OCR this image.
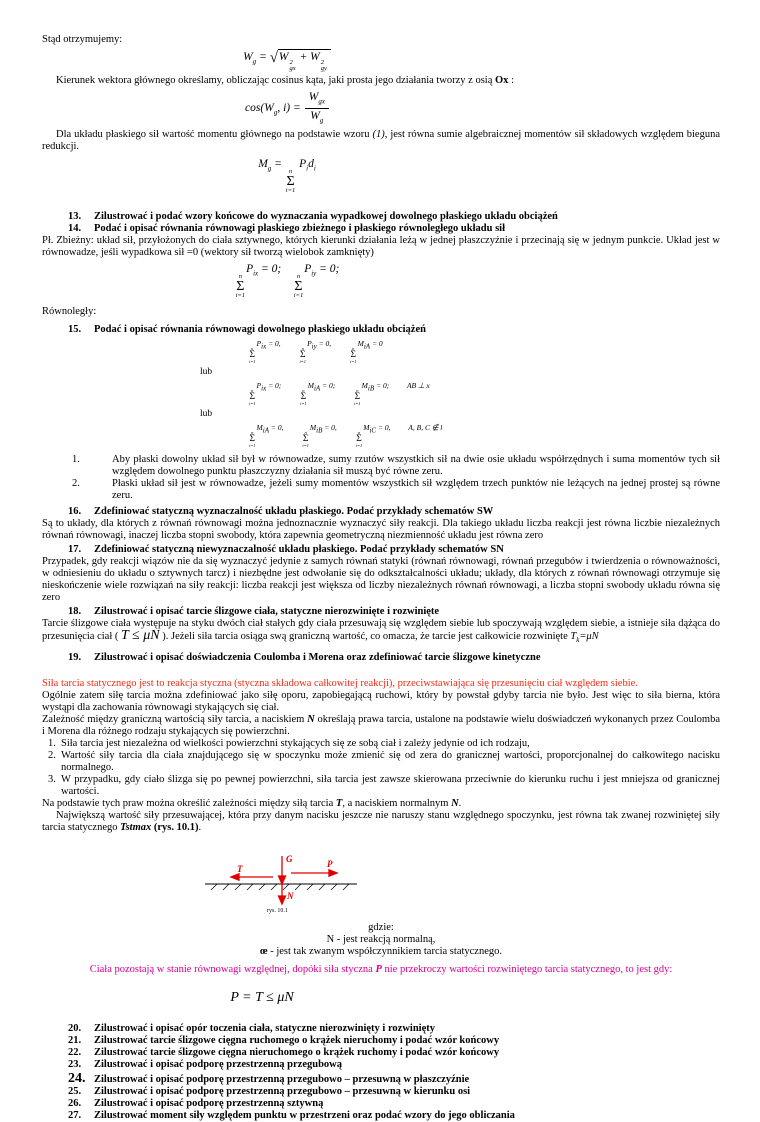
Stąd otrzymujemy:

$W_g = √W$ 2
gx
+ W 2
gy

Kierunek wektora głównego określamy, obliczając cosinus kąta, jaki prosta jego działania tworzy z osią Ox :

$\cos(W_g$, $i) = \frac{W_{gx}}{W_g}$

Dla układu płaskiego sił wartość momentu głównego na podstawie wzoru (1), jest równa sumie algebraicznej momentów sił składowych względem bieguna redukcji.

$M_g$ =
n
Σ
i=1
$P_id_i$
13.	Zilustrować i podać wzory końcowe do wyznaczania wypadkowej dowolnego płaskiego układu obciążeń
14.	Podać i opisać równania równowagi płaskiego zbieżnego i płaskiego równoległego układu sił

Pł. Zbieżny: układ sił, przyłożonych do ciała sztywnego, których kierunki działania leżą w jednej płaszczyźnie i przecinają się w jednym punkcie. Układ jest w równowadze, jeśli wypadkowa sił =0 (wektory sił tworzą wielobok zamknięty)

n
Σ
i=1
$P_{ix} = 0$;
n
Σ
i=1
$P_{iy} = 0$;

Równoległy:

15.	Podać i opisać równania równowagi dowolnego płaskiego układu obciążeń
n
Σ
i=1
$P_{ix} = 0$,
n
Σ
i=1
$P_{iy} = 0$,
n
Σ
i=1
$M_{iA} = 0$
lub
n
Σ
i=1
$P_{ix} = 0$;
n
Σ
i=1
$M_{iA} = 0$;
n
Σ
i=1
$M_{iB} = 0$; AB ⊥ x
lub
n
Σ
i=1
$M_{iA} = 0$,
n
Σ
i=1
$M_{iB} = 0$,
n
Σ
i=1
$M_{iC} = 0$, A, B, C ∉ l
1.	Aby płaski dowolny układ sił był w równowadze, sumy rzutów wszystkich sił na dwie osie układu współrzędnych i suma momentów tych sił względem dowolnego punktu płaszczyzny działania sił muszą być równe zeru.
2.	Płaski układ sił jest w równowadze, jeżeli sumy momentów wszystkich sił względem trzech punktów nie leżących na jednej prostej są równe zeru.
16.	Zdefiniować statyczną wyznaczalność układu płaskiego. Podać przykłady schematów SW

Są to układy, dla których z równań równowagi można jednoznacznie wyznaczyć siły reakcji. Dla takiego układu liczba reakcji jest równa liczbie niezależnych równań równowagi, inaczej liczba stopni swobody, która zapewnia geometryczną niezmienność układu jest równa zero

17.	Zdefiniować statyczną niewyznaczalność układu płaskiego. Podać przykłady schematów SN

Przypadek, gdy reakcji wiązów nie da się wyznaczyć jedynie z samych równań statyki (równań równowagi, równań przegubów i twierdzenia o równoważności, w odniesieniu do układu o sztywnych tarcz) i niezbędne jest odwołanie się do odkształcalności układu; układy, dla których z równań równowagi otrzymuje się nieskończenie wiele rozwiązań na siły reakcji: liczba reakcji jest większa od liczby niezależnych równań równowagi, a liczba stopni swobody układu równa się zero

18.	Zilustrować i opisać tarcie ślizgowe ciała, statyczne nierozwinięte i rozwinięte

Tarcie ślizgowe ciała występuje na styku dwóch ciał stałych gdy ciała przesuwają się względem siebie lub spoczywają względem siebie, a istnieje siła dążąca do przesunięcia ciał ( T ≤ μN ). Jeżeli siła tarcia osiąga swą graniczną wartość, co omacza, że tarcie jest całkowicie rozwinięte $T_k=\mu N$

19.	Zilustrować i opisać doświadczenia Coulomba i Morena oraz zdefiniować tarcie ślizgowe kinetyczne

Siła tarcia statycznego jest to reakcja styczna (styczna składowa całkowitej reakcji), przeciwstawiająca się przesunięciu ciał względem siebie.

Ogólnie zatem siłę tarcia można zdefiniować jako siłę oporu, zapobiegającą ruchowi, który by powstał gdyby tarcia nie było. Jest więc to siła bierna, która wystąpi dla zachowania równowagi stykających się ciał.

Zależność między graniczną wartością siły tarcia, a naciskiem N określają prawa tarcia, ustalone na podstawie wielu doświadczeń wykonanych przez Coulomba i Morena dla różnego rodzaju stykających się powierzchni.

1. Siła tarcia jest niezależna od wielkości powierzchni stykających się ze sobą ciał i zależy jedynie od ich rodzaju,
2. Wartość siły tarcia dla ciała znajdującego się w spoczynku może zmienić się od zera do granicznej wartości, proporcjonalnej do całkowitego nacisku normalnego.
3. W przypadku, gdy ciało ślizga się po pewnej powierzchni, siła tarcia jest zawsze skierowana przeciwnie do kierunku ruchu i jest mniejsza od granicznej wartości.

Na podstawie tych praw można określić zależności między siłą tarcia T, a naciskiem normalnym N.

Największą wartość siły przesuwającej, która przy danym nacisku jeszcze nie naruszy stanu względnego spoczynku, jest równa tak zwanej rozwiniętej siły tarcia statycznego Tstmax (rys. 10.1).

G	P
T
N
rys. 10.1

gdzie:

N - jest reakcją normalną,

œ - jest tak zwanym współczynnikiem tarcia statycznego.

Ciała pozostają w stanie równowagi względnej, dopóki siła styczna P nie przekroczy wartości rozwiniętego tarcia statycznego, to jest gdy:

P = T ≤ μN
20.	Zilustrować i opisać opór toczenia ciała, statyczne nierozwinięty i rozwinięty
21.	Zilustrować tarcie ślizgowe cięgna ruchomego o krążek nieruchomy i podać wzór końcowy
22.	Zilustrować tarcie ślizgowe cięgna nieruchomego o krążek ruchomy i podać wzór końcowy
23.	Zilustrować i opisać podporę przestrzenną przegubową
24. Zilustrować i opisać podporę przestrzenną przegubowo – przesuwną w płaszczyźnie
25.	Zilustrować i opisać podporę przestrzenną przegubowo – przesuwną w kierunku osi
26.	Zilustrować i opisać podporę przestrzenną sztywną
27.	Zilustrować moment siły względem punktu w przestrzeni oraz podać wzory do jego obliczania
